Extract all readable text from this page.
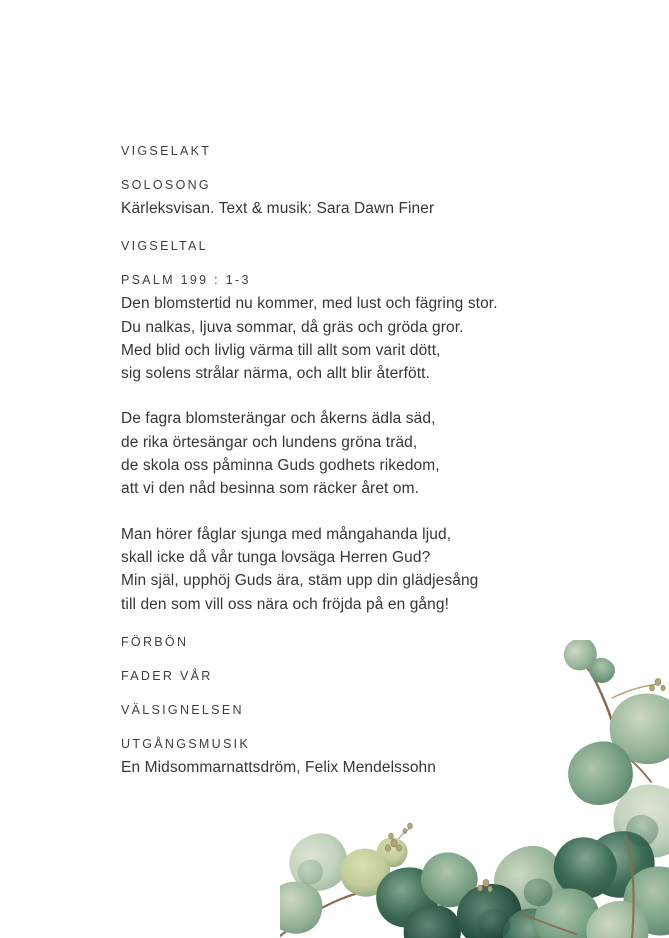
VIGSELAKT
SOLOSONG

Kärleksvisan. Text & musik: Sara Dawn Finer

VIGSELTAL
PSALM 199 : 1-3

Den blomstertid nu kommer, med lust och fägring stor.

Du nalkas, ljuva sommar, då gräs och gröda gror.

Med blid och livlig värma till allt som varit dött,

sig solens strålar närma, och allt blir återfött.

De fagra blomsterängar och åkerns ädla säd,

de rika örtesängar och lundens gröna träd,

de skola oss påminna Guds godhets rikedom,

att vi den nåd besinna som räcker året om.

Man hörer fåglar sjunga med mångahanda ljud,

skall icke då vår tunga lovsäga Herren Gud?

Min själ, upphöj Guds ära, stäm upp din glädjesång

till den som vill oss nära och fröjda på en gång!

FÖRBÖN
FADER VÅR
VÄLSIGNELSEN
UTGÅNGSMUSIK

En Midsommarnattsdröm, Felix Mendelssohn
